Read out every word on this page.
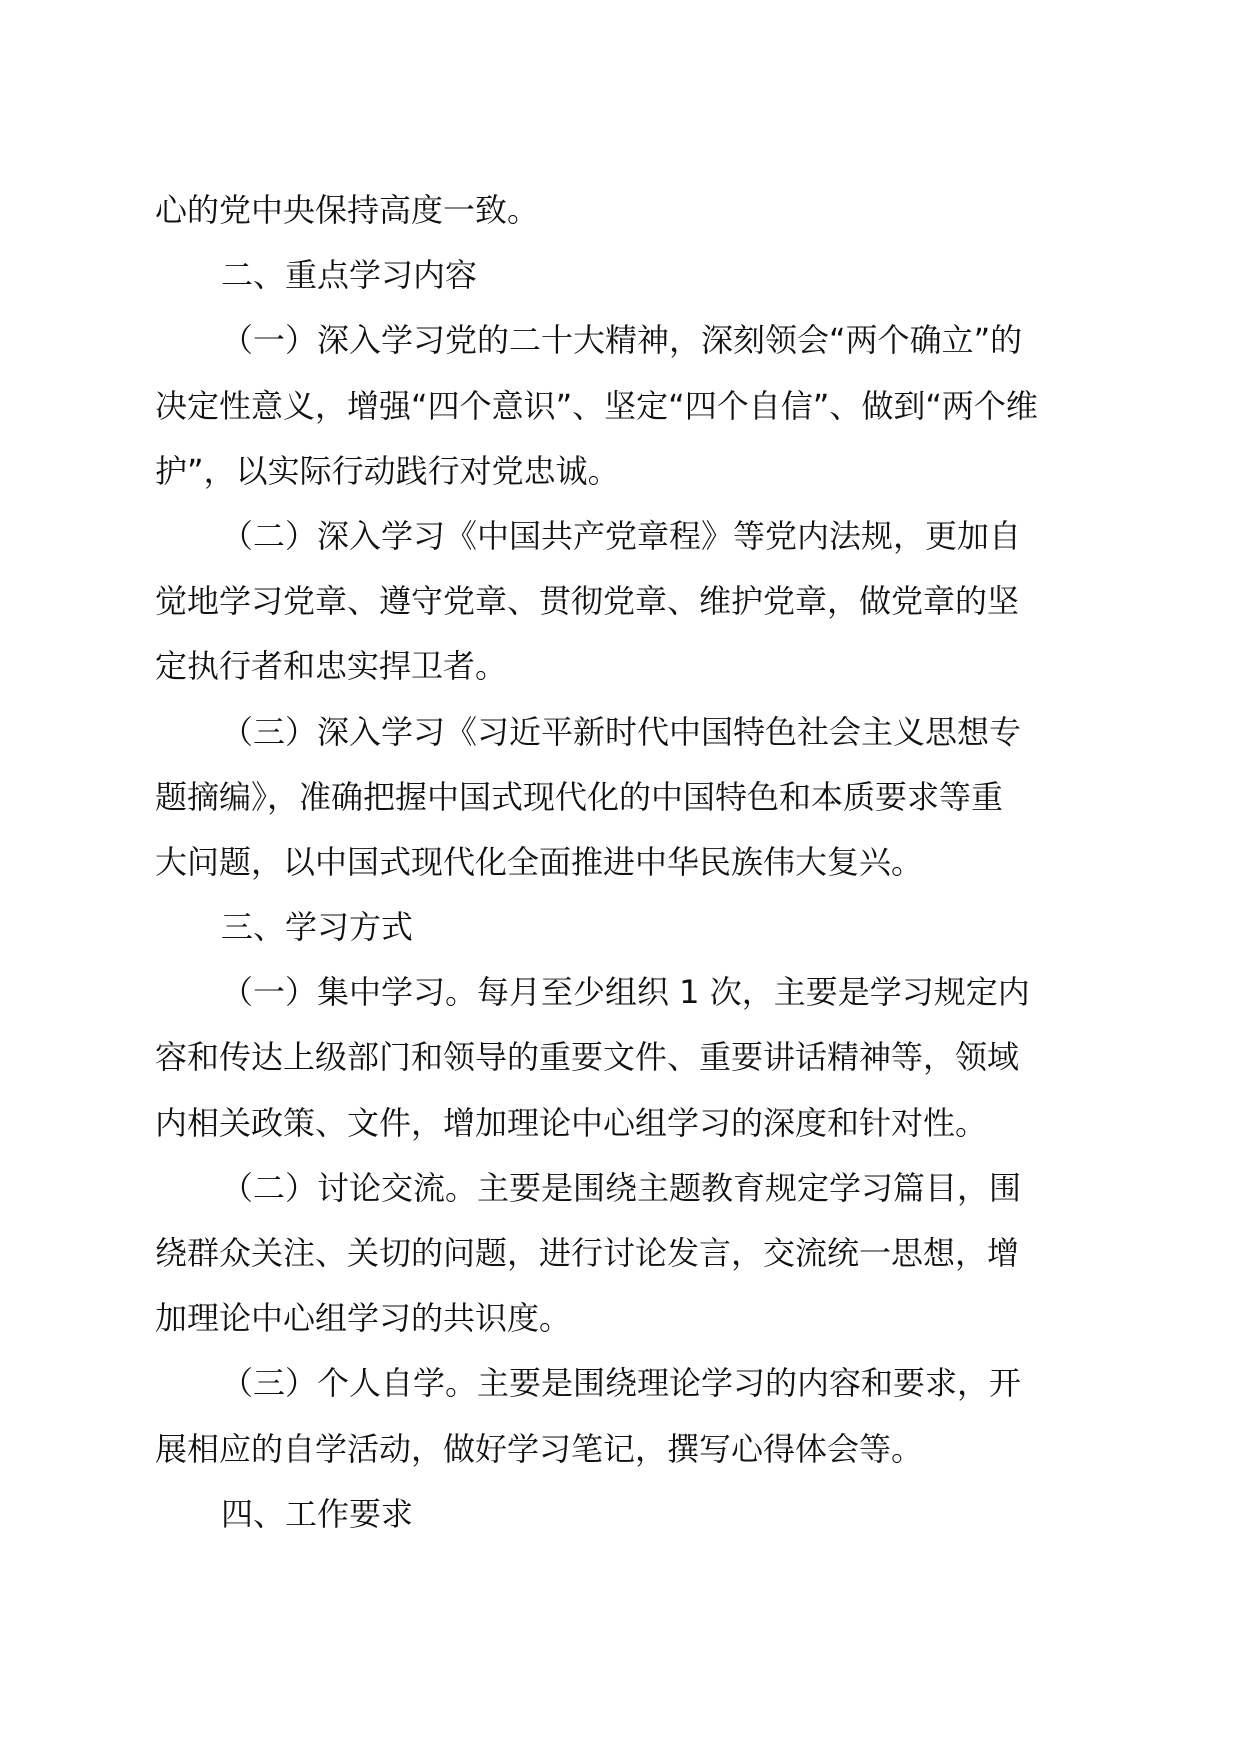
心的党中央保持高度一致。
二、重点学习内容
（一）深入学习党的二十大精神，深刻领会“两个确立”的
决定性意义，增强“四个意识”、坚定“四个自信”、做到“两个维
护”，以实际行动践行对党忠诚。
（二）深入学习《中国共产党章程》等党内法规，更加自
觉地学习党章、遵守党章、贯彻党章、维护党章，做党章的坚
定执行者和忠实捍卫者。
（三）深入学习《习近平新时代中国特色社会主义思想专
题摘编》，准确把握中国式现代化的中国特色和本质要求等重
大问题，以中国式现代化全面推进中华民族伟大复兴。
三、学习方式
（一）集中学习。每月至少组织 1 次，主要是学习规定内
容和传达上级部门和领导的重要文件、重要讲话精神等，领域
内相关政策、文件，增加理论中心组学习的深度和针对性。
（二）讨论交流。主要是围绕主题教育规定学习篇目，围
绕群众关注、关切的问题，进行讨论发言，交流统一思想，增
加理论中心组学习的共识度。
（三）个人自学。主要是围绕理论学习的内容和要求，开
展相应的自学活动，做好学习笔记，撰写心得体会等。
四、工作要求
